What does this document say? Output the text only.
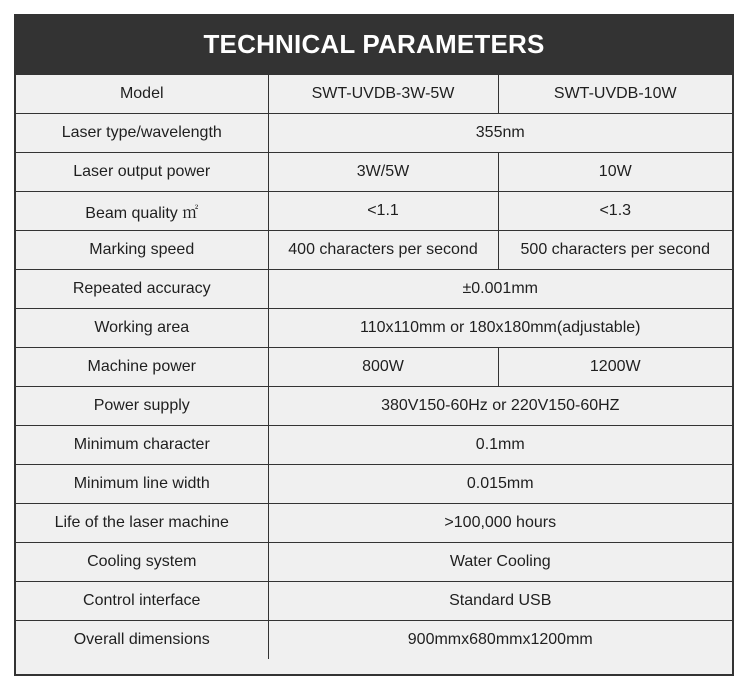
TECHNICAL PARAMETERS
Model	SWT-UVDB-3W-5W	SWT-UVDB-10W
Laser type/wavelength	355nm	
Laser output power	3W/5W	10W
Beam quality ㎡	<1.1	<1.3
Marking speed	400 characters per second	500 characters per second
Repeated accuracy	±0.001mm	
Working area	110x110mm or 180x180mm(adjustable)	
Machine power	800W	1200W
Power supply	380V150-60Hz or 220V150-60HZ	
Minimum character	0.1mm	
Minimum line width	0.015mm	
Life of the laser machine	>100,000 hours	
Cooling system	Water Cooling	
Control interface	Standard USB	
Overall dimensions	900mmx680mmx1200mm	
